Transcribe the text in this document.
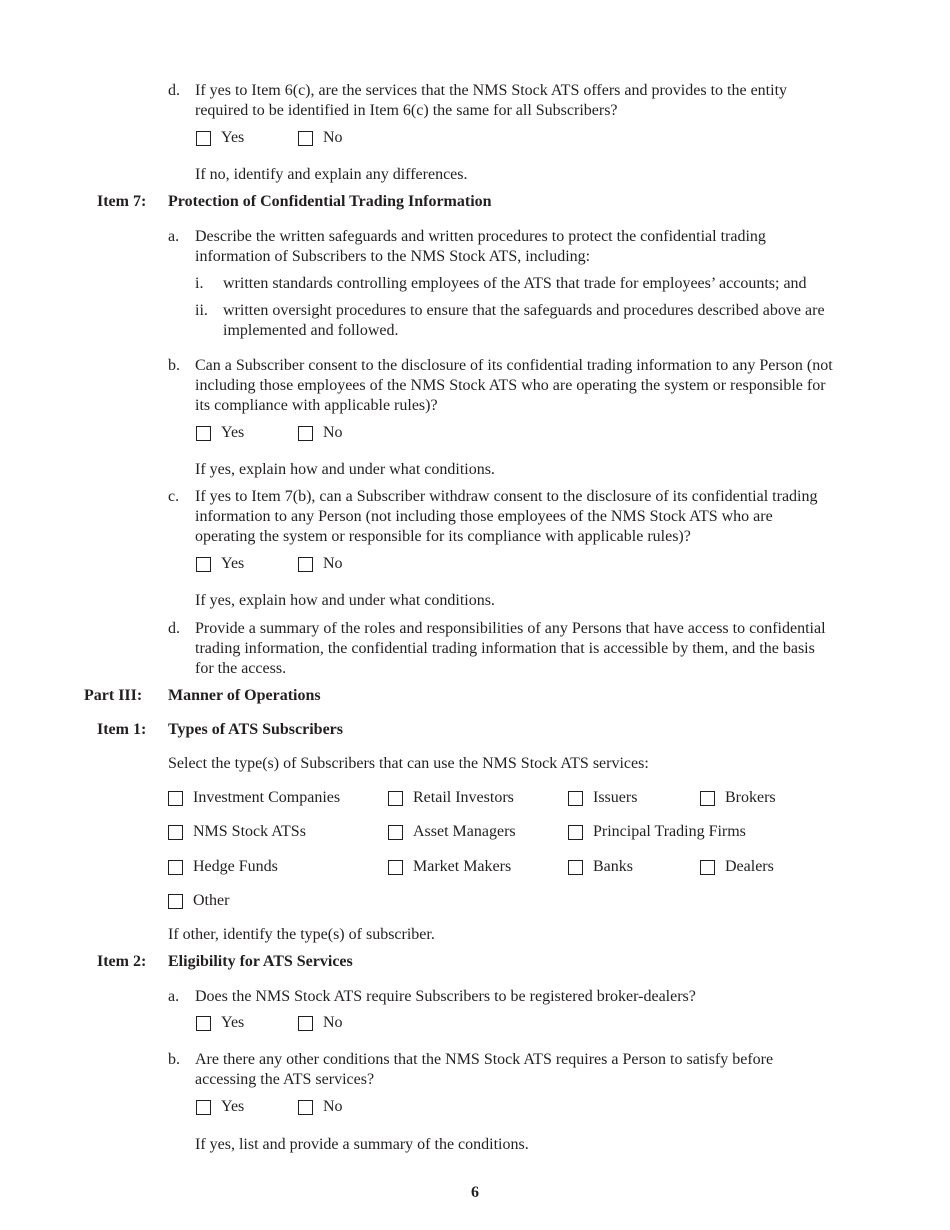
d. If yes to Item 6(c), are the services that the NMS Stock ATS offers and provides to the entity
required to be identified in Item 6(c) the same for all Subscribers?
Yes	No
If no, identify and explain any differences.
Item 7: Protection of Confidential Trading Information
a. Describe the written safeguards and written procedures to protect the confidential trading
information of Subscribers to the NMS Stock ATS, including:
i. written standards controlling employees of the ATS that trade for employees’ accounts; and
ii. written oversight procedures to ensure that the safeguards and procedures described above are
implemented and followed.
b. Can a Subscriber consent to the disclosure of its confidential trading information to any Person (not
including those employees of the NMS Stock ATS who are operating the system or responsible for
its compliance with applicable rules)?
Yes	No
If yes, explain how and under what conditions.
c. If yes to Item 7(b), can a Subscriber withdraw consent to the disclosure of its confidential trading
information to any Person (not including those employees of the NMS Stock ATS who are
operating the system or responsible for its compliance with applicable rules)?
Yes	No
If yes, explain how and under what conditions.
d. Provide a summary of the roles and responsibilities of any Persons that have access to confidential
trading information, the confidential trading information that is accessible by them, and the basis
for the access.
Part III: Manner of Operations
Item 1: Types of ATS Subscribers
Select the type(s) of Subscribers that can use the NMS Stock ATS services:
Investment Companies	Retail Investors	Issuers	Brokers
NMS Stock ATSs	Asset Managers	Principal Trading Firms
Hedge Funds	Market Makers	Banks	Dealers
Other
If other, identify the type(s) of subscriber.
Item 2: Eligibility for ATS Services
a. Does the NMS Stock ATS require Subscribers to be registered broker-dealers?
Yes	No
b. Are there any other conditions that the NMS Stock ATS requires a Person to satisfy before
accessing the ATS services?
Yes	No
If yes, list and provide a summary of the conditions.
6
